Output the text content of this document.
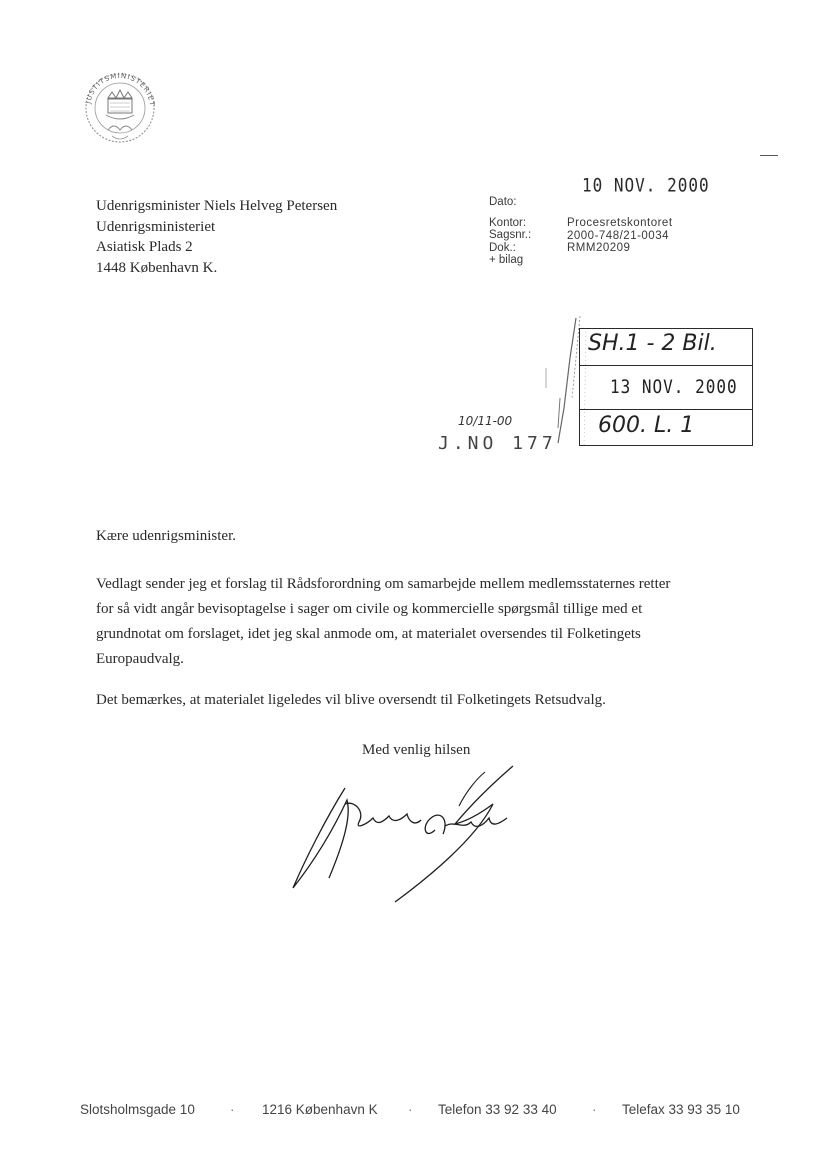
JUSTITSMINISTERIET
10 NOV. 2000
Udenrigsminister Niels Helveg Petersen
Udenrigsministeriet
Asiatisk Plads 2
1448 København K.
Dato:
Kontor:
Sagsnr.:
Dok.:
+ bilag
Procesretskontoret
2000-748/21-0034
RMM20209
SH.1 - 2 Bil.
13 NOV. 2000
600. L. 1
10/11-00
J.NO 177
Kære udenrigsminister.
Vedlagt sender jeg et forslag til Rådsforordning om samarbejde mellem medlemsstaternes retter
for så vidt angår bevisoptagelse i sager om civile og kommercielle spørgsmål tillige med et
grundnotat om forslaget, idet jeg skal anmode om, at materialet oversendes til Folketingets
Europaudvalg.
Det bemærkes, at materialet ligeledes vil blive oversendt til Folketingets Retsudvalg.
Med venlig hilsen
Slotsholmsgade 10	· 1216 København K · Telefon 33 92 33 40	· Telefax 33 93 35 10
